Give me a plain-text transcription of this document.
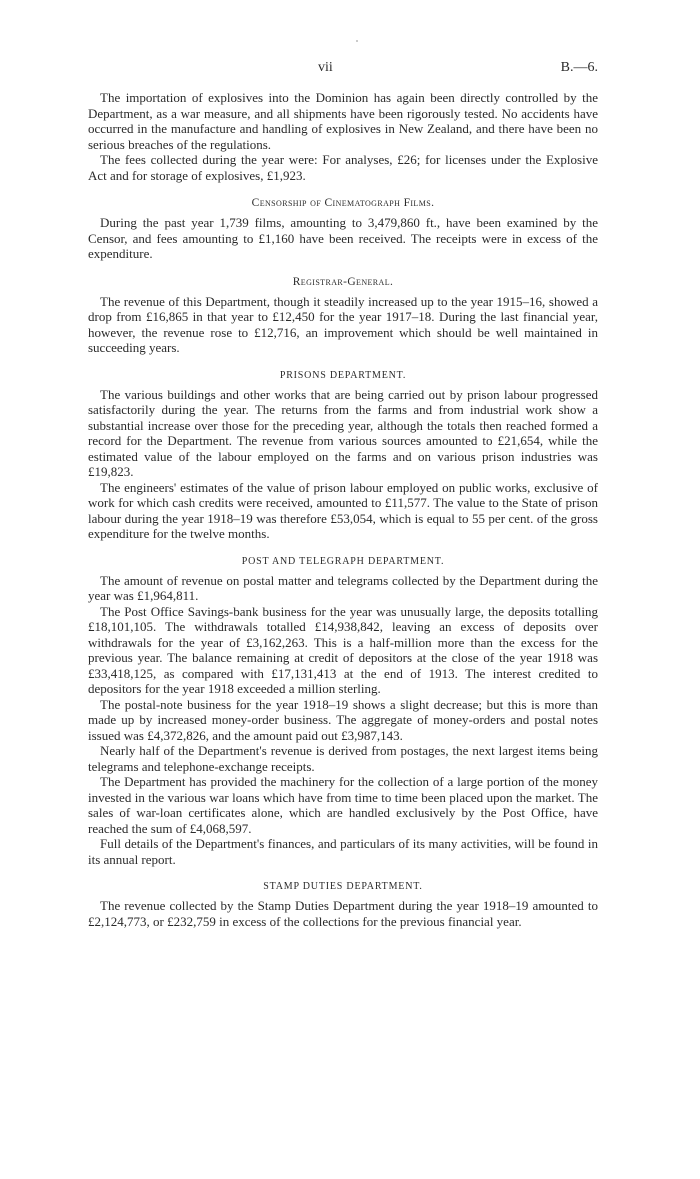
vii	B.—6.

The importation of explosives into the Dominion has again been directly controlled by the Department, as a war measure, and all shipments have been rigorously tested. No accidents have occurred in the manufacture and handling of explosives in New Zealand, and there have been no serious breaches of the regulations.

The fees collected during the year were: For analyses, £26; for licenses under the Explosive Act and for storage of explosives, £1,923.

Censorship of Cinematograph Films.

During the past year 1,739 films, amounting to 3,479,860 ft., have been examined by the Censor, and fees amounting to £1,160 have been received. The receipts were in excess of the expenditure.

Registrar-General.

The revenue of this Department, though it steadily increased up to the year 1915–16, showed a drop from £16,865 in that year to £12,450 for the year 1917–18. During the last financial year, however, the revenue rose to £12,716, an improvement which should be well maintained in succeeding years.

PRISONS DEPARTMENT.

The various buildings and other works that are being carried out by prison labour progressed satisfactorily during the year. The returns from the farms and from industrial work show a substantial increase over those for the preceding year, although the totals then reached formed a record for the Department. The revenue from various sources amounted to £21,654, while the estimated value of the labour employed on the farms and on various prison industries was £19,823.

The engineers' estimates of the value of prison labour employed on public works, exclusive of work for which cash credits were received, amounted to £11,577. The value to the State of prison labour during the year 1918–19 was therefore £53,054, which is equal to 55 per cent. of the gross expenditure for the twelve months.

POST AND TELEGRAPH DEPARTMENT.

The amount of revenue on postal matter and telegrams collected by the Department during the year was £1,964,811.

The Post Office Savings-bank business for the year was unusually large, the deposits totalling £18,101,105. The withdrawals totalled £14,938,842, leaving an excess of deposits over withdrawals for the year of £3,162,263. This is a half-million more than the excess for the previous year. The balance remaining at credit of depositors at the close of the year 1918 was £33,418,125, as compared with £17,131,413 at the end of 1913. The interest credited to depositors for the year 1918 exceeded a million sterling.

The postal-note business for the year 1918–19 shows a slight decrease; but this is more than made up by increased money-order business. The aggregate of money-orders and postal notes issued was £4,372,826, and the amount paid out £3,987,143.

Nearly half of the Department's revenue is derived from postages, the next largest items being telegrams and telephone-exchange receipts.

The Department has provided the machinery for the collection of a large portion of the money invested in the various war loans which have from time to time been placed upon the market. The sales of war-loan certificates alone, which are handled exclusively by the Post Office, have reached the sum of £4,068,597.

Full details of the Department's finances, and particulars of its many activities, will be found in its annual report.

STAMP DUTIES DEPARTMENT.

The revenue collected by the Stamp Duties Department during the year 1918–19 amounted to £2,124,773, or £232,759 in excess of the collections for the previous financial year.
